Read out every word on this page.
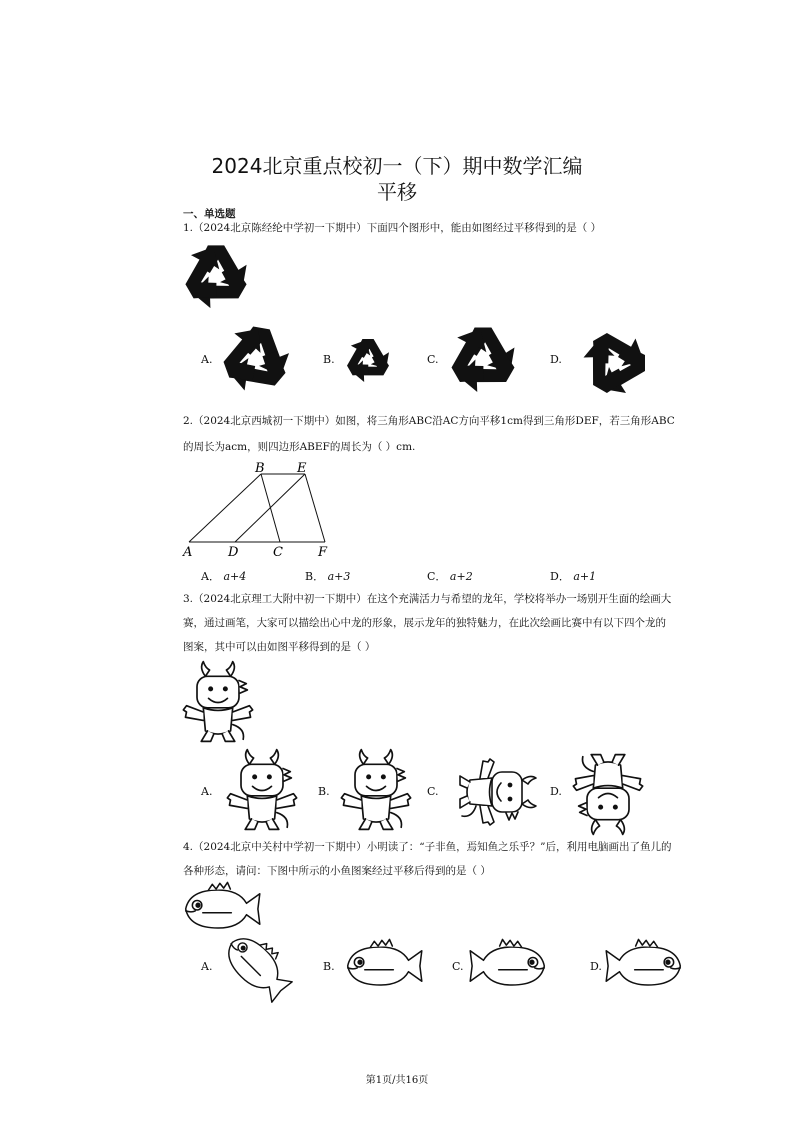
2024北京重点校初一（下）期中数学汇编
平移
一、单选题
1.（2024北京陈经纶中学初一下期中）下面四个图形中，能由如图经过平移得到的是（ ）
A.	B.	C.	D.
2.（2024北京西城初一下期中）如图，将三角形ABC沿AC方向平移1cm得到三角形DEF，若三角形ABC
的周长为acm，则四边形ABEF的周长为（ ）cm.
B E
A	D	C	F
A． a+4	B． a+3	C． a+2	D． a+1
3.（2024北京理工大附中初一下期中）在这个充满活力与希望的龙年，学校将举办一场别开生面的绘画大
赛，通过画笔，大家可以描绘出心中龙的形象，展示龙年的独特魅力，在此次绘画比赛中有以下四个龙的
图案，其中可以由如图平移得到的是（ ）
A.	B.	C.	D.
4.（2024北京中关村中学初一下期中）小明读了：“子非鱼，焉知鱼之乐乎？”后，利用电脑画出了鱼儿的
各种形态，请问：下图中所示的小鱼图案经过平移后得到的是（ ）
A.	B.	C.	D.
第1页/共16页
